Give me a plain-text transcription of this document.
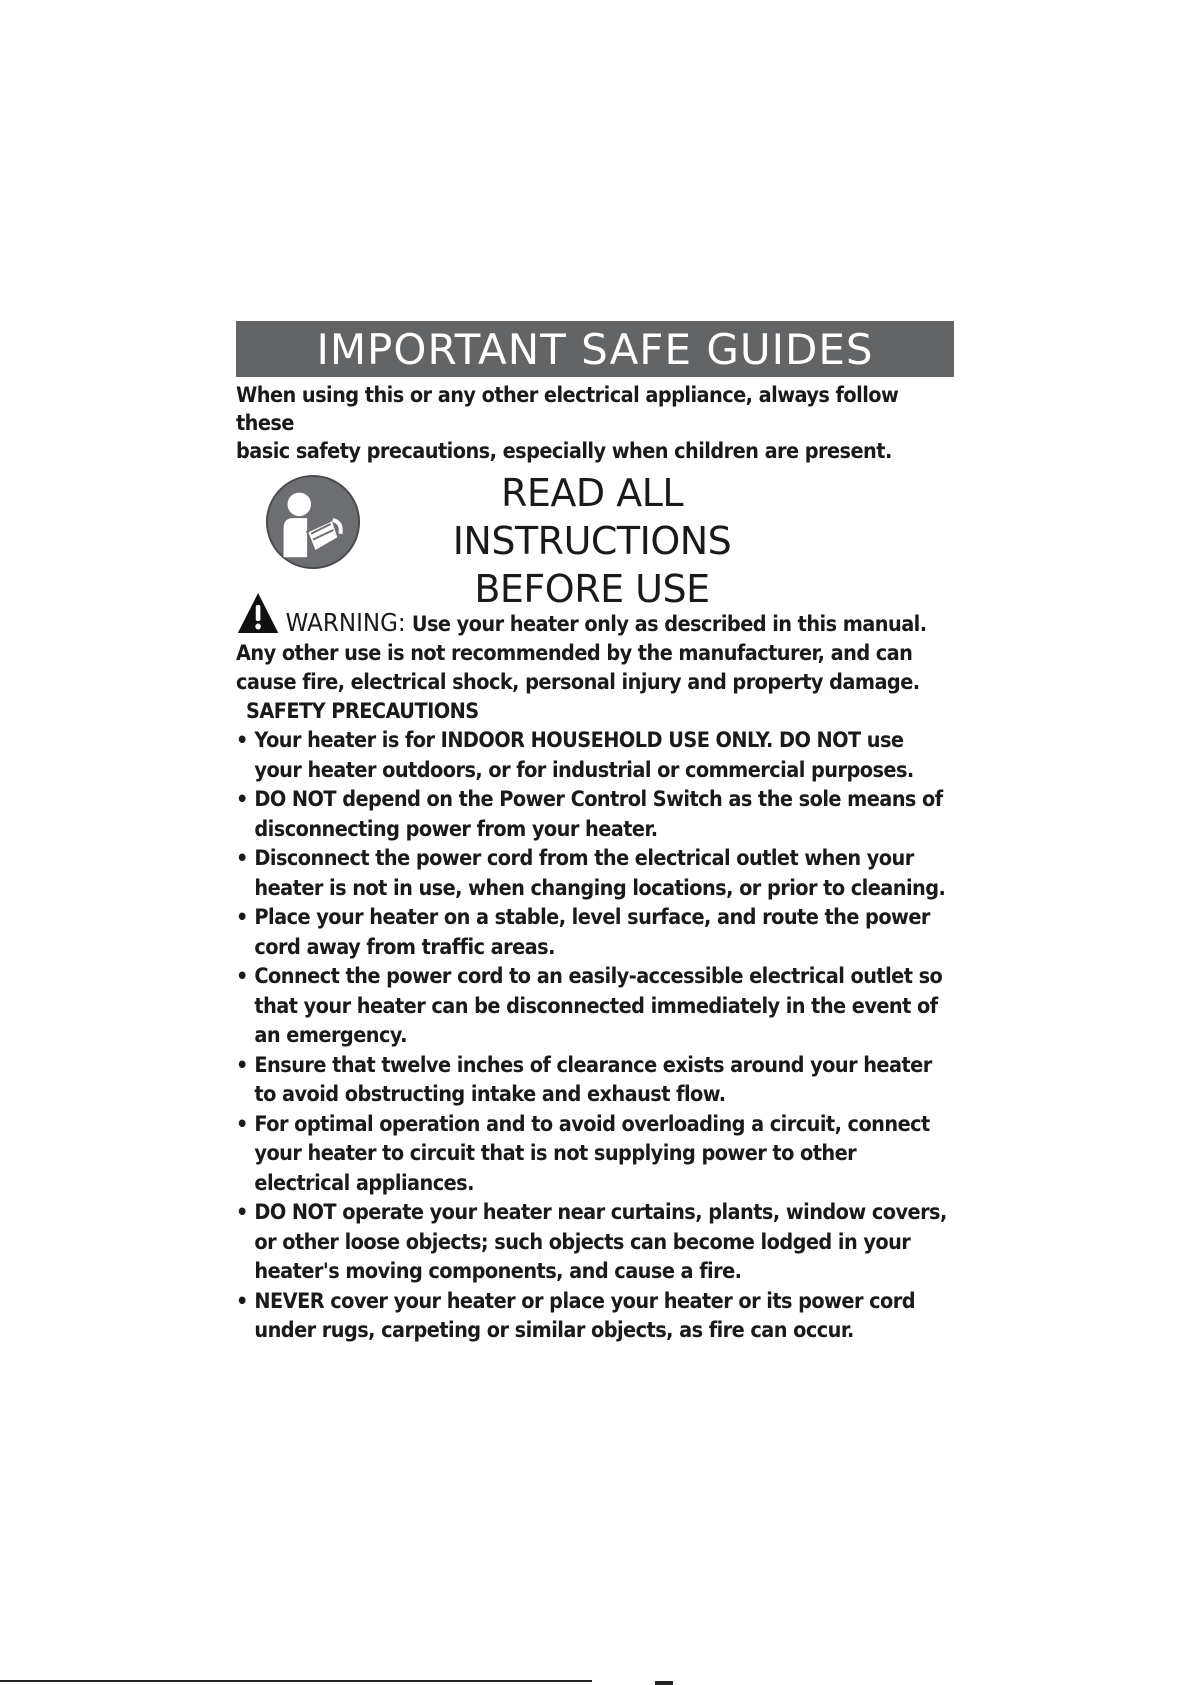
IMPORTANT SAFE GUIDES
When using this or any other electrical appliance, always follow these
basic safety precautions, especially when children are present.
READ ALL INSTRUCTIONS
BEFORE USE
WARNING: Use your heater only as described in this manual. Any other use is not recommended by the manufacturer, and can cause fire, electrical shock, personal injury and property damage.
SAFETY PRECAUTIONS
• Your heater is for INDOOR HOUSEHOLD USE ONLY. DO NOT use your heater outdoors, or for industrial or commercial purposes.
• DO NOT depend on the Power Control Switch as the sole means of disconnecting power from your heater.
• Disconnect the power cord from the electrical outlet when your heater is not in use, when changing locations, or prior to cleaning.
• Place your heater on a stable, level surface, and route the power cord away from traffic areas.
• Connect the power cord to an easily-accessible electrical outlet so that your heater can be disconnected immediately in the event of an emergency.
• Ensure that twelve inches of clearance exists around your heater to avoid obstructing intake and exhaust flow.
• For optimal operation and to avoid overloading a circuit, connect your heater to circuit that is not supplying power to other electrical appliances.
• DO NOT operate your heater near curtains, plants, window covers, or other loose objects; such objects can become lodged in your heater's moving components, and cause a fire.
• NEVER cover your heater or place your heater or its power cord under rugs, carpeting or similar objects, as fire can occur.
